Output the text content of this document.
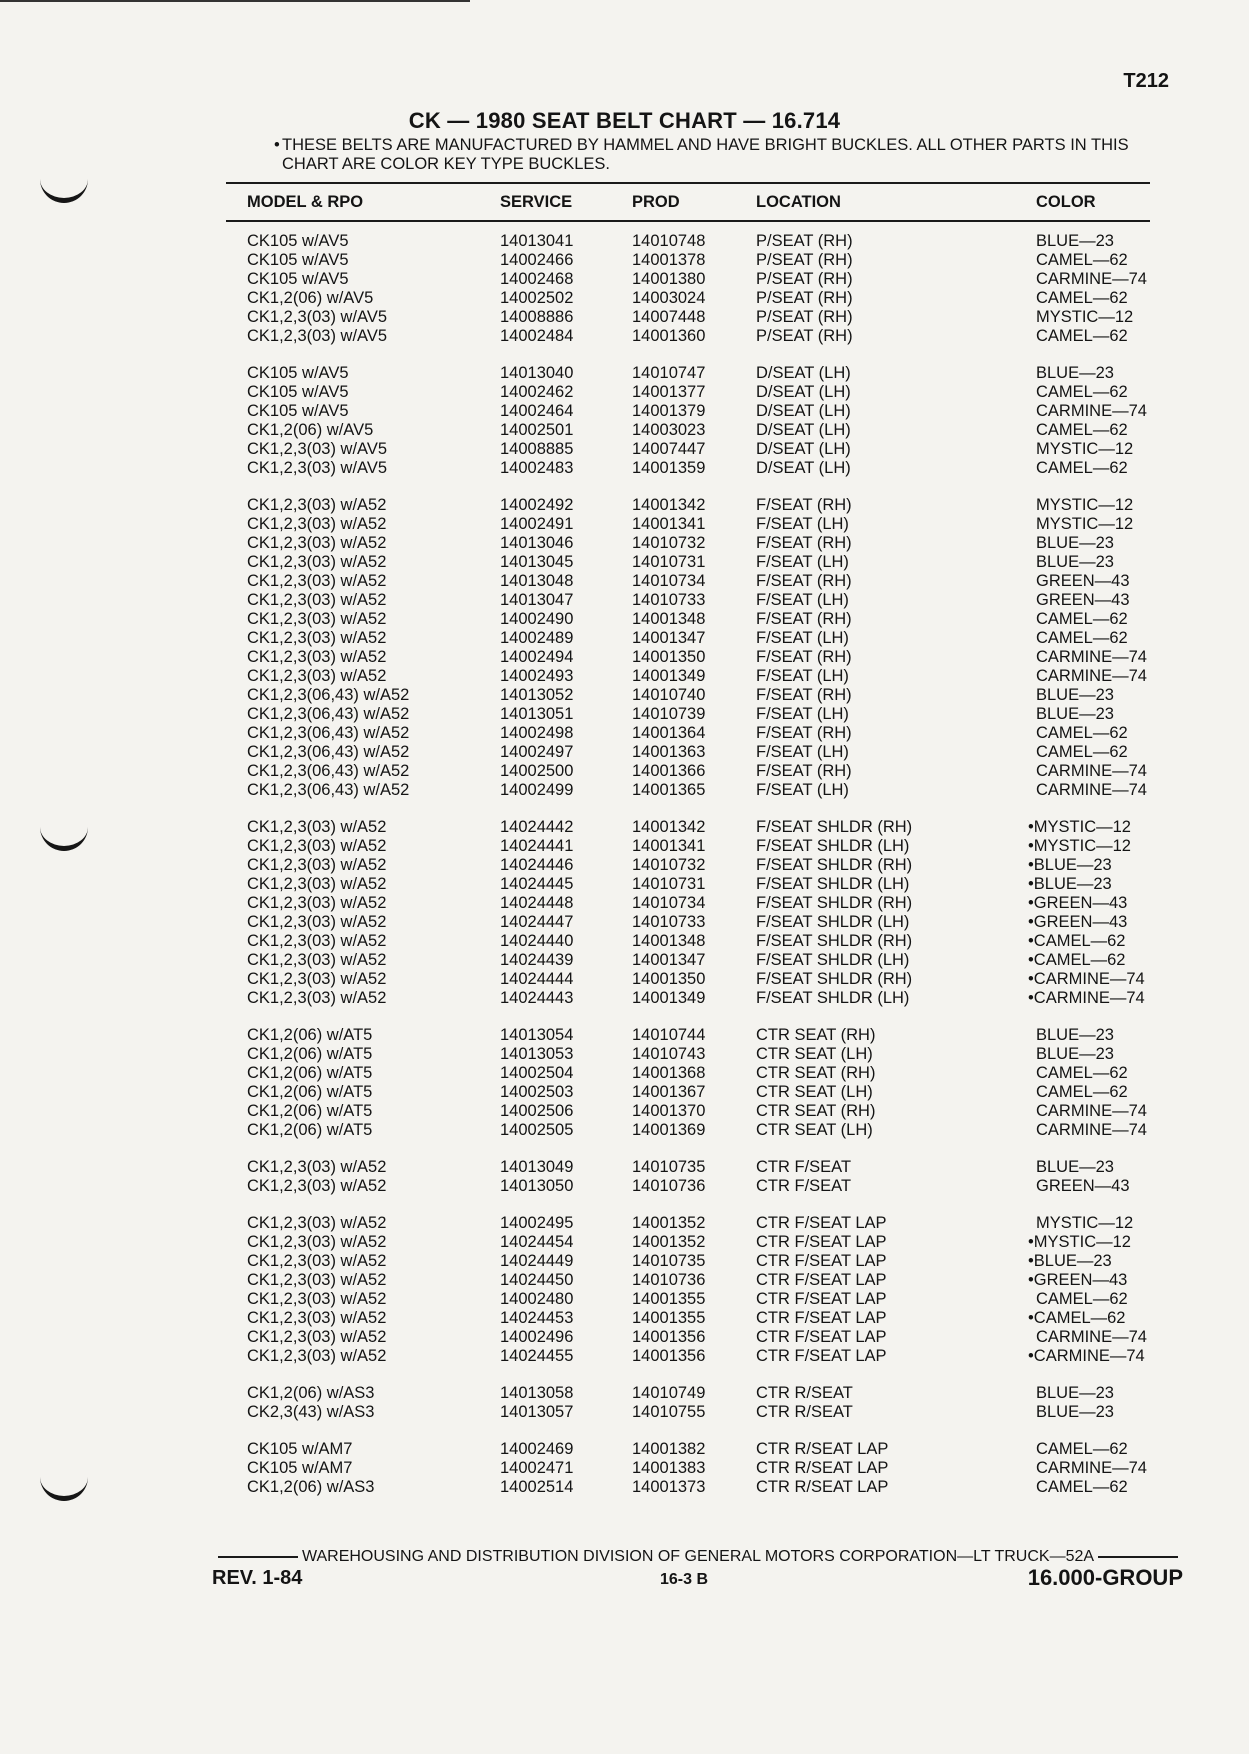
T212
CK — 1980 SEAT BELT CHART — 16.714
• THESE BELTS ARE MANUFACTURED BY HAMMEL AND HAVE BRIGHT BUCKLES. ALL OTHER PARTS IN THIS CHART ARE COLOR KEY TYPE BUCKLES.
MODEL & RPO	SERVICE	PROD	LOCATION	COLOR
CK105 w/AV5	14013041	14010748	P/SEAT (RH)	BLUE—23
CK105 w/AV5	14002466	14001378	P/SEAT (RH)	CAMEL—62
CK105 w/AV5	14002468	14001380	P/SEAT (RH)	CARMINE—74
CK1,2(06) w/AV5	14002502	14003024	P/SEAT (RH)	CAMEL—62
CK1,2,3(03) w/AV5	14008886	14007448	P/SEAT (RH)	MYSTIC—12
CK1,2,3(03) w/AV5	14002484	14001360	P/SEAT (RH)	CAMEL—62
CK105 w/AV5	14013040	14010747	D/SEAT (LH)	BLUE—23
CK105 w/AV5	14002462	14001377	D/SEAT (LH)	CAMEL—62
CK105 w/AV5	14002464	14001379	D/SEAT (LH)	CARMINE—74
CK1,2(06) w/AV5	14002501	14003023	D/SEAT (LH)	CAMEL—62
CK1,2,3(03) w/AV5	14008885	14007447	D/SEAT (LH)	MYSTIC—12
CK1,2,3(03) w/AV5	14002483	14001359	D/SEAT (LH)	CAMEL—62
CK1,2,3(03) w/A52	14002492	14001342	F/SEAT (RH)	MYSTIC—12
CK1,2,3(03) w/A52	14002491	14001341	F/SEAT (LH)	MYSTIC—12
CK1,2,3(03) w/A52	14013046	14010732	F/SEAT (RH)	BLUE—23
CK1,2,3(03) w/A52	14013045	14010731	F/SEAT (LH)	BLUE—23
CK1,2,3(03) w/A52	14013048	14010734	F/SEAT (RH)	GREEN—43
CK1,2,3(03) w/A52	14013047	14010733	F/SEAT (LH)	GREEN—43
CK1,2,3(03) w/A52	14002490	14001348	F/SEAT (RH)	CAMEL—62
CK1,2,3(03) w/A52	14002489	14001347	F/SEAT (LH)	CAMEL—62
CK1,2,3(03) w/A52	14002494	14001350	F/SEAT (RH)	CARMINE—74
CK1,2,3(03) w/A52	14002493	14001349	F/SEAT (LH)	CARMINE—74
CK1,2,3(06,43) w/A52	14013052	14010740	F/SEAT (RH)	BLUE—23
CK1,2,3(06,43) w/A52	14013051	14010739	F/SEAT (LH)	BLUE—23
CK1,2,3(06,43) w/A52	14002498	14001364	F/SEAT (RH)	CAMEL—62
CK1,2,3(06,43) w/A52	14002497	14001363	F/SEAT (LH)	CAMEL—62
CK1,2,3(06,43) w/A52	14002500	14001366	F/SEAT (RH)	CARMINE—74
CK1,2,3(06,43) w/A52	14002499	14001365	F/SEAT (LH)	CARMINE—74
CK1,2,3(03) w/A52	14024442	14001342	F/SEAT SHLDR (RH)	•MYSTIC—12
CK1,2,3(03) w/A52	14024441	14001341	F/SEAT SHLDR (LH)	•MYSTIC—12
CK1,2,3(03) w/A52	14024446	14010732	F/SEAT SHLDR (RH)	•BLUE—23
CK1,2,3(03) w/A52	14024445	14010731	F/SEAT SHLDR (LH)	•BLUE—23
CK1,2,3(03) w/A52	14024448	14010734	F/SEAT SHLDR (RH)	•GREEN—43
CK1,2,3(03) w/A52	14024447	14010733	F/SEAT SHLDR (LH)	•GREEN—43
CK1,2,3(03) w/A52	14024440	14001348	F/SEAT SHLDR (RH)	•CAMEL—62
CK1,2,3(03) w/A52	14024439	14001347	F/SEAT SHLDR (LH)	•CAMEL—62
CK1,2,3(03) w/A52	14024444	14001350	F/SEAT SHLDR (RH)	•CARMINE—74
CK1,2,3(03) w/A52	14024443	14001349	F/SEAT SHLDR (LH)	•CARMINE—74
CK1,2(06) w/AT5	14013054	14010744	CTR SEAT (RH)	BLUE—23
CK1,2(06) w/AT5	14013053	14010743	CTR SEAT (LH)	BLUE—23
CK1,2(06) w/AT5	14002504	14001368	CTR SEAT (RH)	CAMEL—62
CK1,2(06) w/AT5	14002503	14001367	CTR SEAT (LH)	CAMEL—62
CK1,2(06) w/AT5	14002506	14001370	CTR SEAT (RH)	CARMINE—74
CK1,2(06) w/AT5	14002505	14001369	CTR SEAT (LH)	CARMINE—74
CK1,2,3(03) w/A52	14013049	14010735	CTR F/SEAT	BLUE—23
CK1,2,3(03) w/A52	14013050	14010736	CTR F/SEAT	GREEN—43
CK1,2,3(03) w/A52	14002495	14001352	CTR F/SEAT LAP	MYSTIC—12
CK1,2,3(03) w/A52	14024454	14001352	CTR F/SEAT LAP	•MYSTIC—12
CK1,2,3(03) w/A52	14024449	14010735	CTR F/SEAT LAP	•BLUE—23
CK1,2,3(03) w/A52	14024450	14010736	CTR F/SEAT LAP	•GREEN—43
CK1,2,3(03) w/A52	14002480	14001355	CTR F/SEAT LAP	CAMEL—62
CK1,2,3(03) w/A52	14024453	14001355	CTR F/SEAT LAP	•CAMEL—62
CK1,2,3(03) w/A52	14002496	14001356	CTR F/SEAT LAP	CARMINE—74
CK1,2,3(03) w/A52	14024455	14001356	CTR F/SEAT LAP	•CARMINE—74
CK1,2(06) w/AS3	14013058	14010749	CTR R/SEAT	BLUE—23
CK2,3(43) w/AS3	14013057	14010755	CTR R/SEAT	BLUE—23
CK105 w/AM7	14002469	14001382	CTR R/SEAT LAP	CAMEL—62
CK105 w/AM7	14002471	14001383	CTR R/SEAT LAP	CARMINE—74
CK1,2(06) w/AS3	14002514	14001373	CTR R/SEAT LAP	CAMEL—62
WAREHOUSING AND DISTRIBUTION DIVISION OF GENERAL MOTORS CORPORATION—LT TRUCK—52A
REV. 1-84	16-3 B	16.000-GROUP
